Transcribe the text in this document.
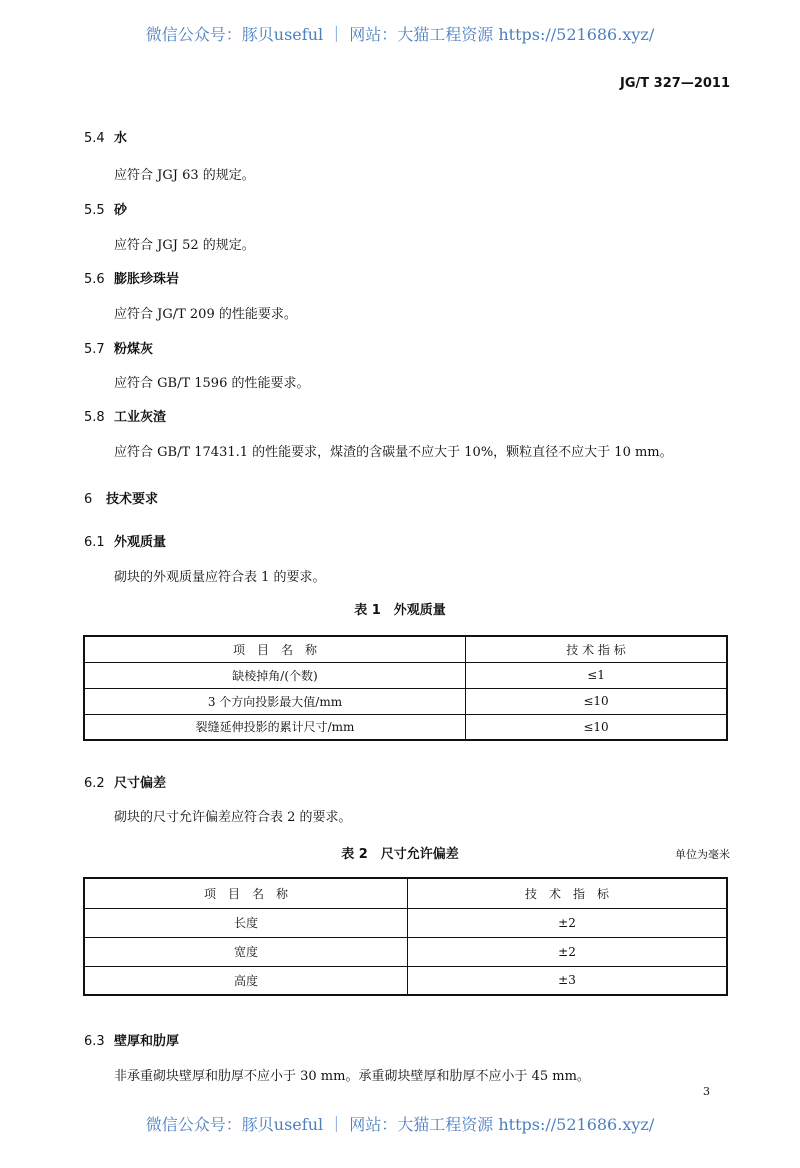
微信公众号：豚贝useful ｜ 网站：大猫工程资源 https://521686.xyz/
JG/T 327—2011
5.4 水
应符合 JGJ 63 的规定。
5.5 砂
应符合 JGJ 52 的规定。
5.6 膨胀珍珠岩
应符合 JG/T 209 的性能要求。
5.7 粉煤灰
应符合 GB/T 1596 的性能要求。
5.8 工业灰渣
应符合 GB/T 17431.1 的性能要求，煤渣的含碳量不应大于 10%，颗粒直径不应大于 10 mm。
6 技术要求
6.1 外观质量
砌块的外观质量应符合表 1 的要求。
表 1　外观质量
项　目　名　称	技 术 指 标
缺棱掉角/(个数)	≤1
3 个方向投影最大值/mm	≤10
裂缝延伸投影的累计尺寸/mm	≤10
6.2 尺寸偏差
砌块的尺寸允许偏差应符合表 2 的要求。
表 2　尺寸允许偏差	单位为毫米
项　目　名　称	技　术　指　标
长度	±2
宽度	±2
高度	±3
6.3 壁厚和肋厚
非承重砌块壁厚和肋厚不应小于 30 mm。承重砌块壁厚和肋厚不应小于 45 mm。
3
微信公众号：豚贝useful ｜ 网站：大猫工程资源 https://521686.xyz/
